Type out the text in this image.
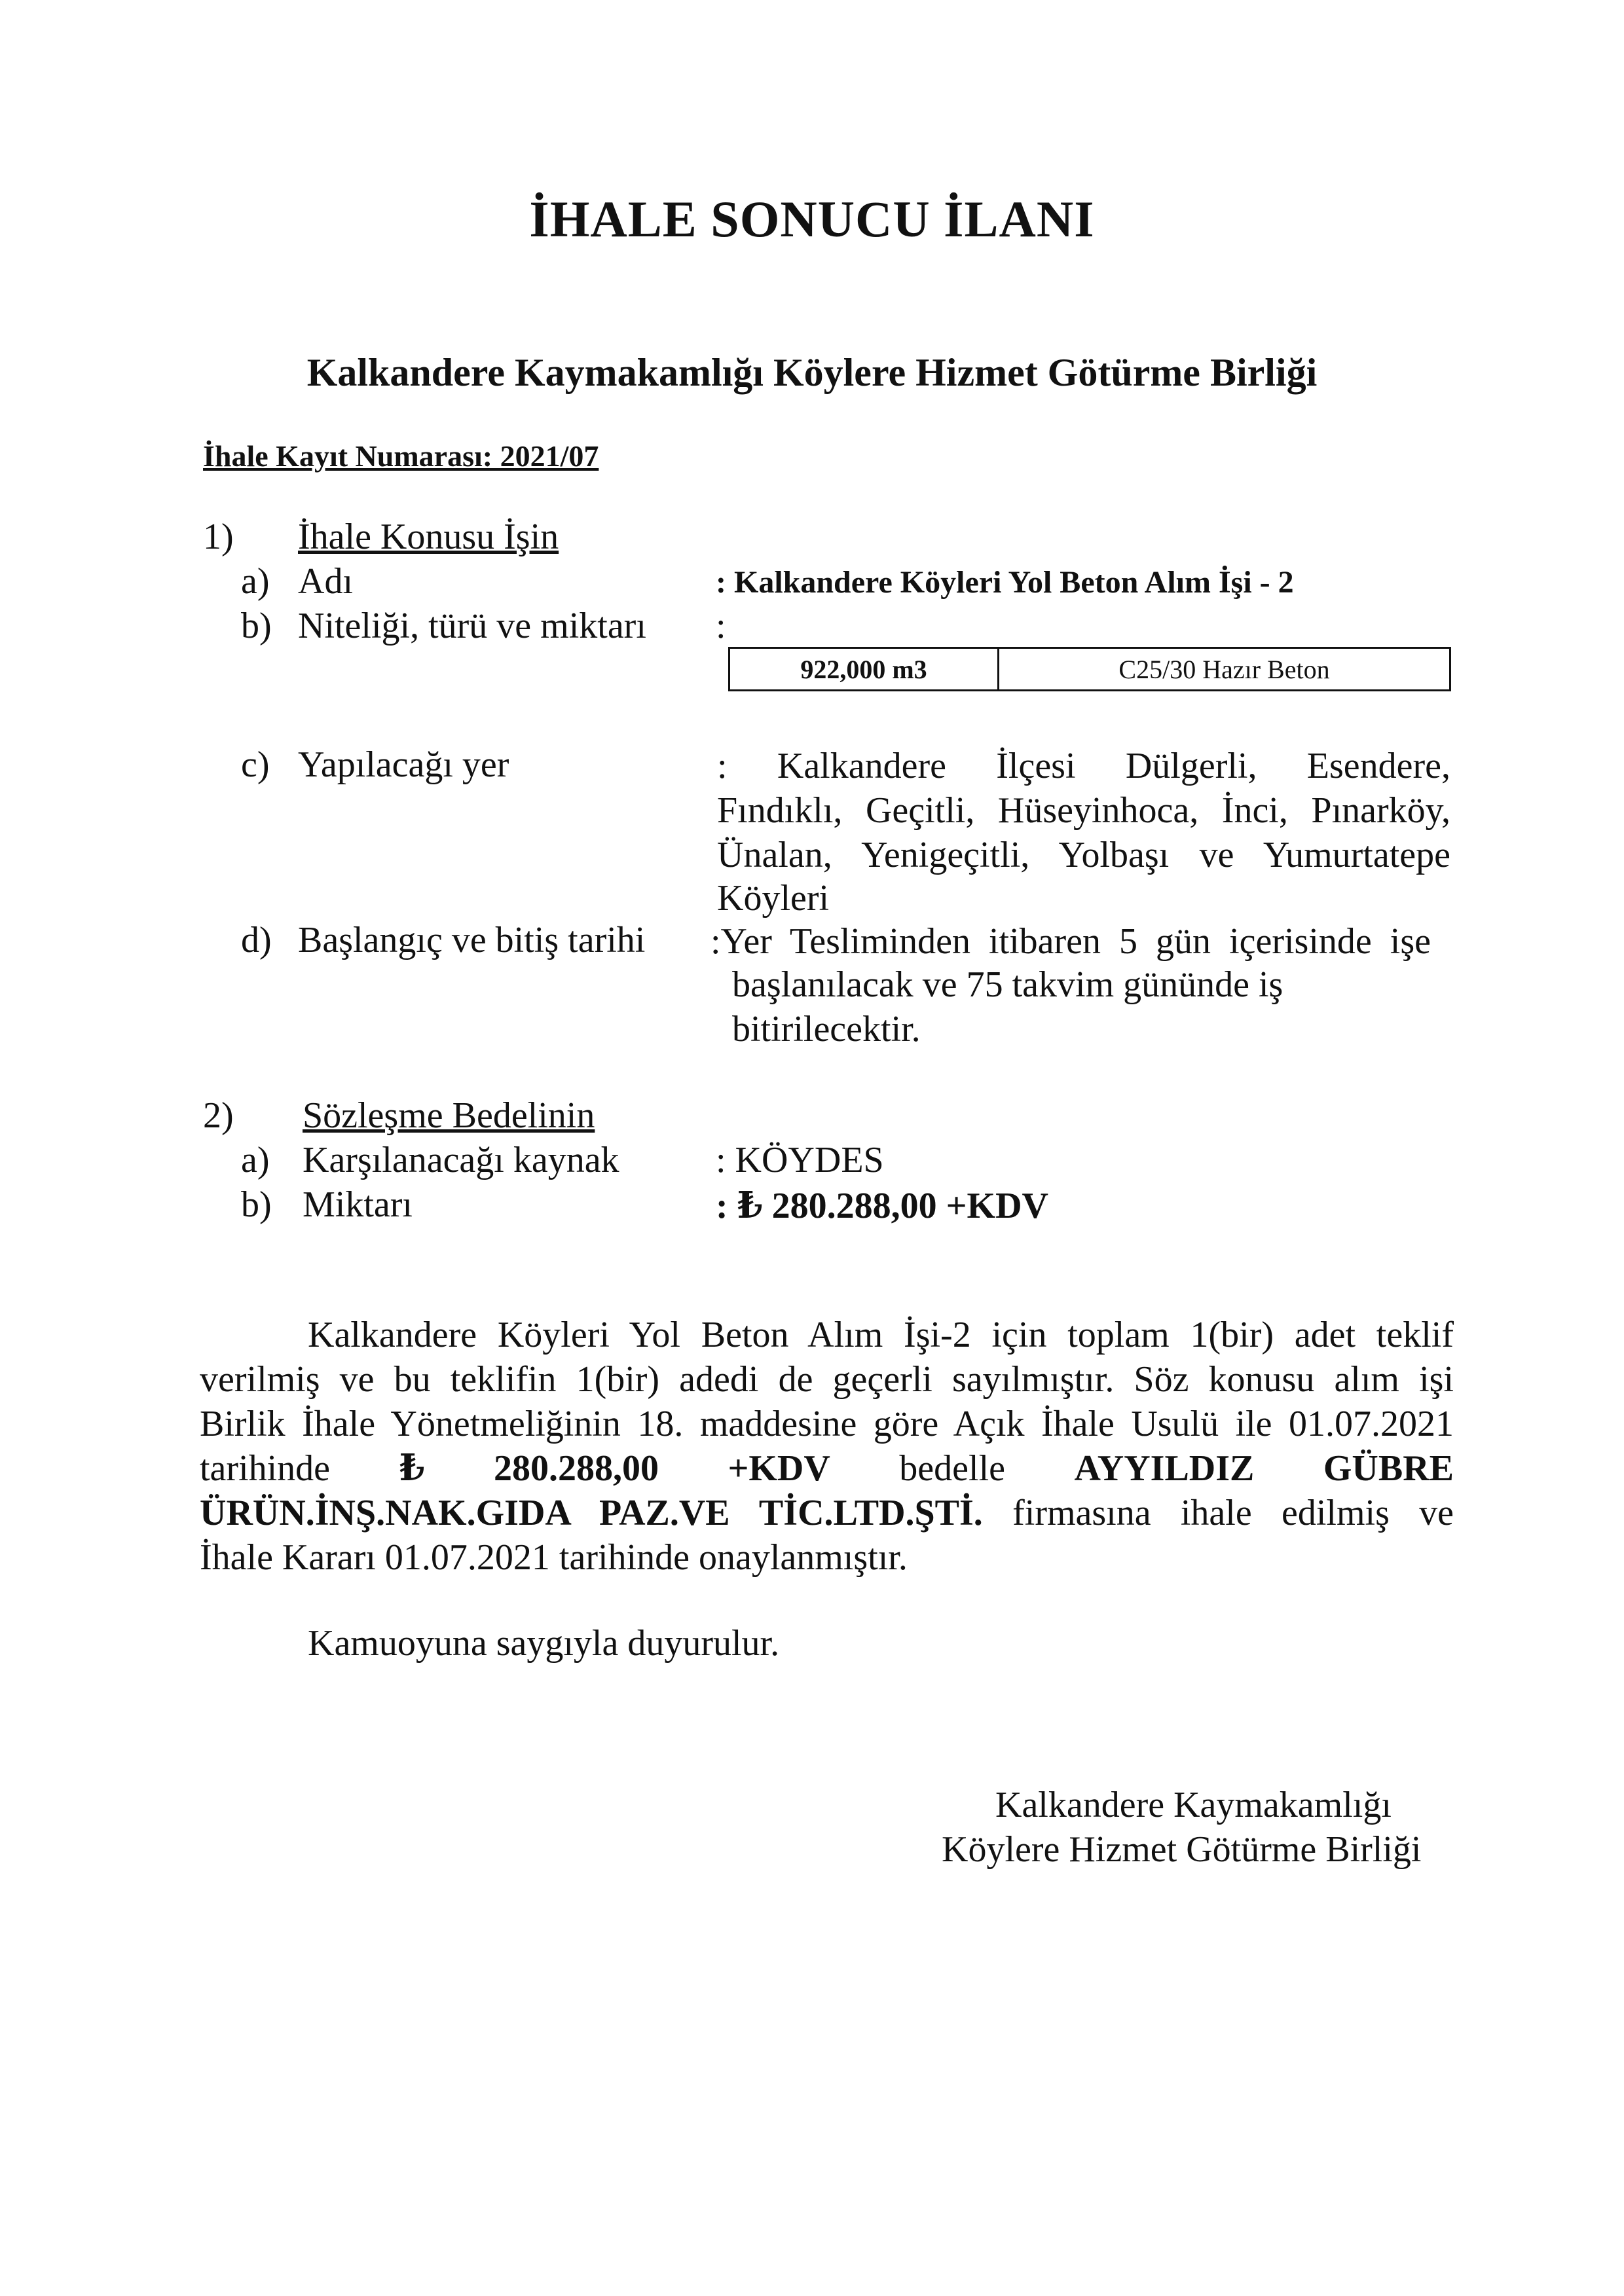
İHALE SONUCU İLANI
Kalkandere Kaymakamlığı Köylere Hizmet Götürme Birliği
İhale Kayıt Numarası: 2021/07
1) İhale Konusu İşin
a) Adı	: Kalkandere Köyleri Yol Beton Alım İşi - 2
b) Niteliği, türü ve miktarı :
922,000 m3	C25/30 Hazır Beton
c) Yapılacağı yer	: Kalkandere İlçesi Dülgerli, Esendere,
Fındıklı, Geçitli, Hüseyinhoca, İnci, Pınarköy,
Ünalan, Yenigeçitli, Yolbaşı ve Yumurtatepe
Köyleri
d) Başlangıç ve bitiş tarihi :Yer Tesliminden itibaren 5 gün içerisinde işe
başlanılacak ve 75 takvim gününde iş
bitirilecektir.
2) Sözleşme Bedelinin
a) Karşılanacağı kaynak	: KÖYDES
b) Miktarı	: ₺ 280.288,00 +KDV
Kalkandere Köyleri Yol Beton Alım İşi-2 için toplam 1(bir) adet teklif
verilmiş ve bu teklifin 1(bir) adedi de geçerli sayılmıştır. Söz konusu alım işi
Birlik İhale Yönetmeliğinin 18. maddesine göre Açık İhale Usulü ile 01.07.2021
tarihinde ₺ 280.288,00 +KDV bedelle AYYILDIZ GÜBRE
ÜRÜN.İNŞ.NAK.GIDA PAZ.VE TİC.LTD.ŞTİ. firmasına ihale edilmiş ve
İhale Kararı 01.07.2021 tarihinde onaylanmıştır.
Kamuoyuna saygıyla duyurulur.
Kalkandere Kaymakamlığı
Köylere Hizmet Götürme Birliği
